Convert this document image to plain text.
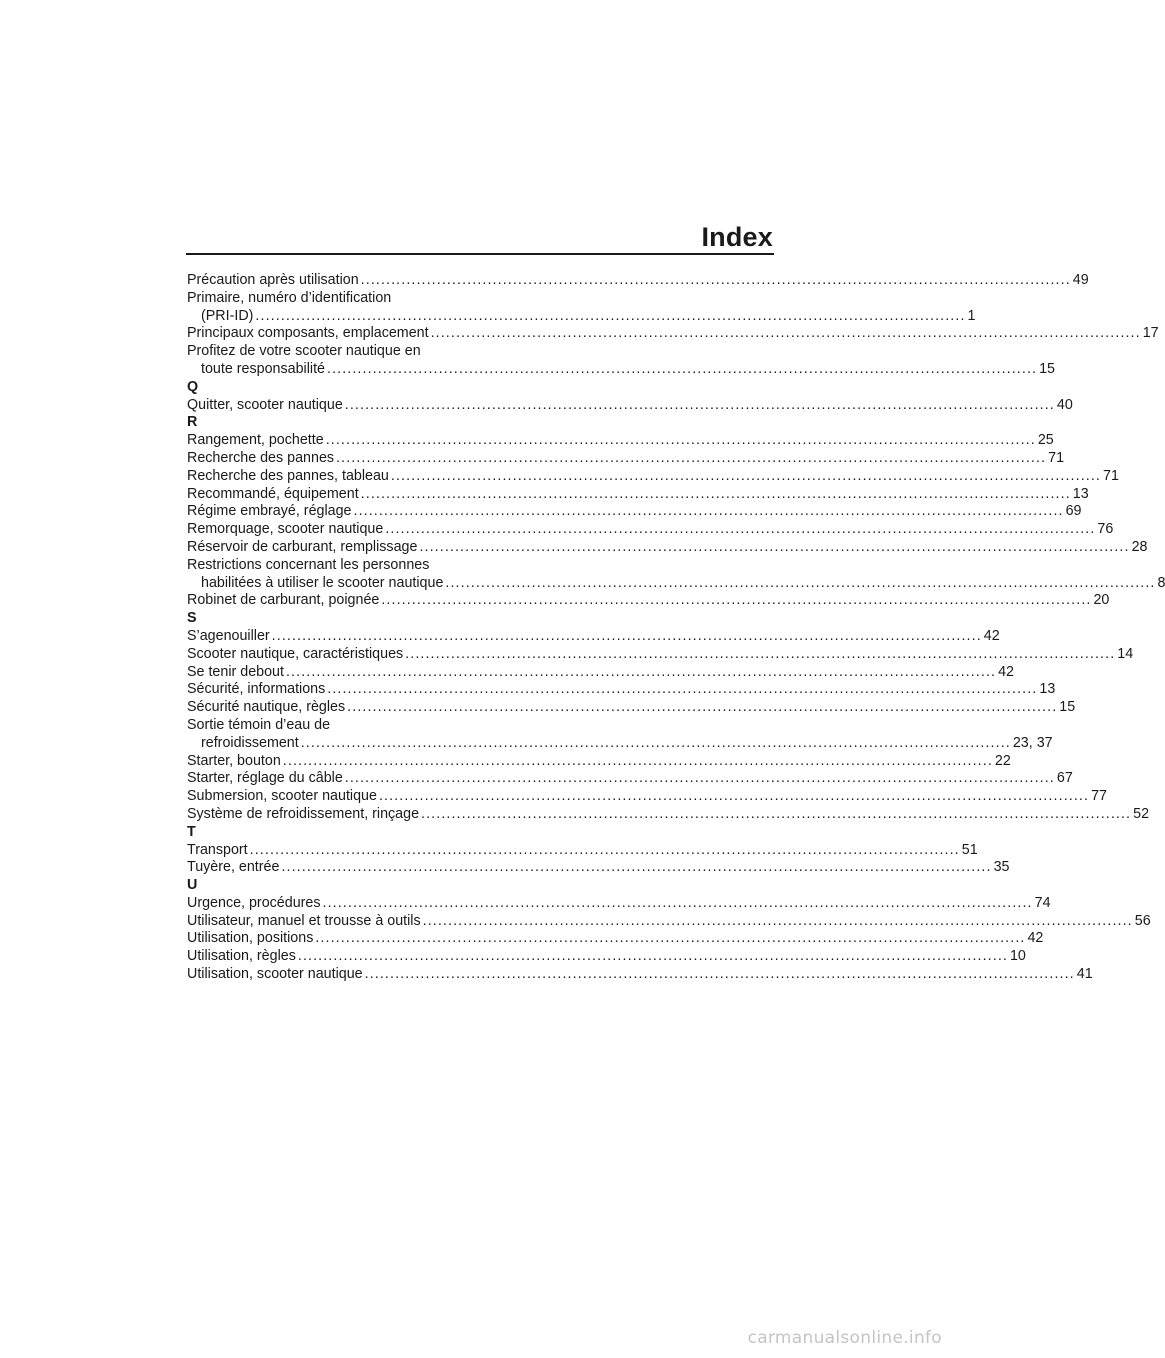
Index
Précaution après utilisation ............................................................................................................................................ 49
Primaire, numéro d’identification
(PRI-ID) ............................................................................................................................................ 1
Principaux composants, emplacement ............................................................................................................................................ 17
Profitez de votre scooter nautique en
toute responsabilité ............................................................................................................................................ 15
Q
Quitter, scooter nautique ............................................................................................................................................ 40
R
Rangement, pochette ............................................................................................................................................ 25
Recherche des pannes ............................................................................................................................................ 71
Recherche des pannes, tableau ............................................................................................................................................ 71
Recommandé, équipement ............................................................................................................................................ 13
Régime embrayé, réglage ............................................................................................................................................ 69
Remorquage, scooter nautique ............................................................................................................................................ 76
Réservoir de carburant, remplissage ............................................................................................................................................ 28
Restrictions concernant les personnes
habilitées à utiliser le scooter nautique ............................................................................................................................................ 8
Robinet de carburant, poignée ............................................................................................................................................ 20
S
S’agenouiller ............................................................................................................................................ 42
Scooter nautique, caractéristiques ............................................................................................................................................ 14
Se tenir debout ............................................................................................................................................ 42
Sécurité, informations ............................................................................................................................................ 13
Sécurité nautique, règles ............................................................................................................................................ 15
Sortie témoin d’eau de
refroidissement ............................................................................................................................................ 23, 37
Starter, bouton ............................................................................................................................................ 22
Starter, réglage du câble ............................................................................................................................................ 67
Submersion, scooter nautique ............................................................................................................................................ 77
Système de refroidissement, rinçage ............................................................................................................................................ 52
T
Transport ............................................................................................................................................ 51
Tuyère, entrée ............................................................................................................................................ 35
U
Urgence, procédures ............................................................................................................................................ 74
Utilisateur, manuel et trousse à outils ............................................................................................................................................ 56
Utilisation, positions ............................................................................................................................................ 42
Utilisation, règles ............................................................................................................................................ 10
Utilisation, scooter nautique ............................................................................................................................................ 41
carmanualsonline.info
